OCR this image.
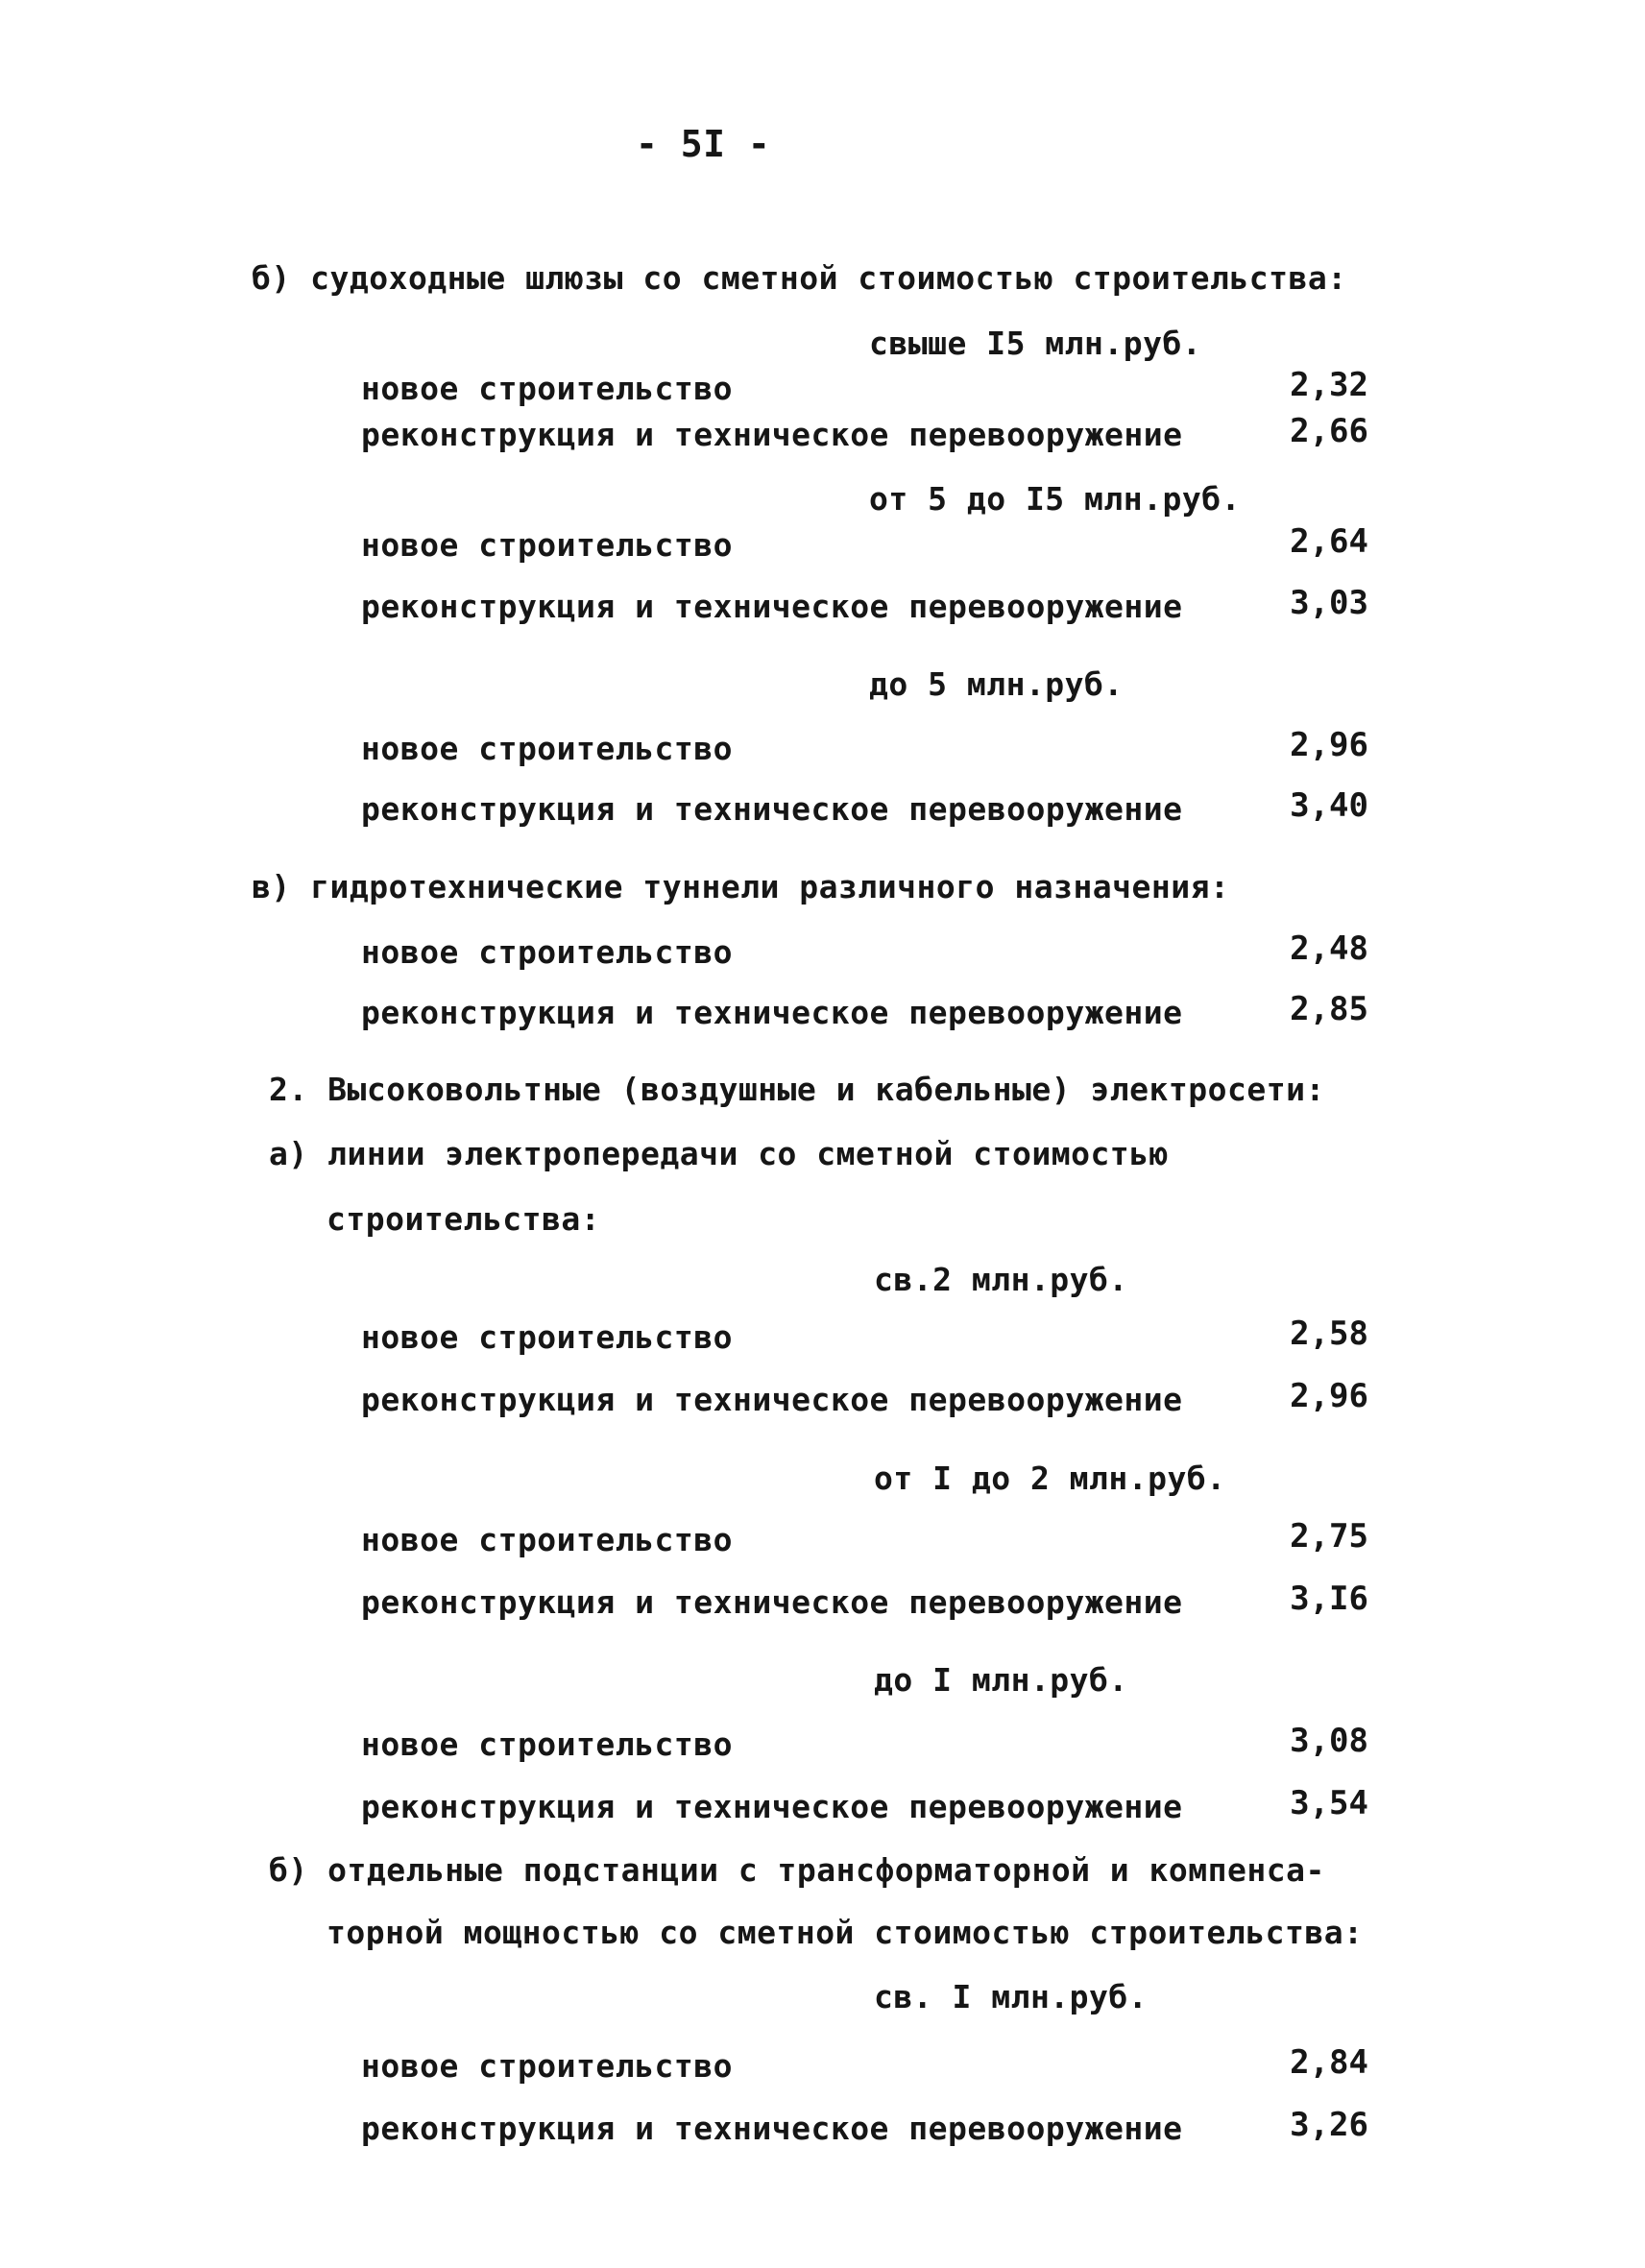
- 5I -
б) судоходные шлюзы со сметной стоимостью строительства:
свыше I5 млн.руб.
новое строительство	2,32
реконструкция и техническое перевооружение	2,66
от 5 до I5 млн.руб.
новое строительство	2,64
реконструкция и техническое перевооружение	3,03
до 5 млн.руб.
новое строительство	2,96
реконструкция и техническое перевооружение	3,40
в) гидротехнические туннели различного назначения:
новое строительство	2,48
реконструкция и техническое перевооружение	2,85
2. Высоковольтные (воздушные и кабельные) электросети:
а) линии электропередачи со сметной стоимостью
строительства:
св.2 млн.руб.
новое строительство	2,58
реконструкция и техническое перевооружение	2,96
от I до 2 млн.руб.
новое строительство	2,75
реконструкция и техническое перевооружение	3,I6
до I млн.руб.
новое строительство	3,08
реконструкция и техническое перевооружение	3,54
б) отдельные подстанции с трансформаторной и компенса-
торной мощностью со сметной стоимостью строительства:
св. I млн.руб.
новое строительство	2,84
реконструкция и техническое перевооружение	3,26
